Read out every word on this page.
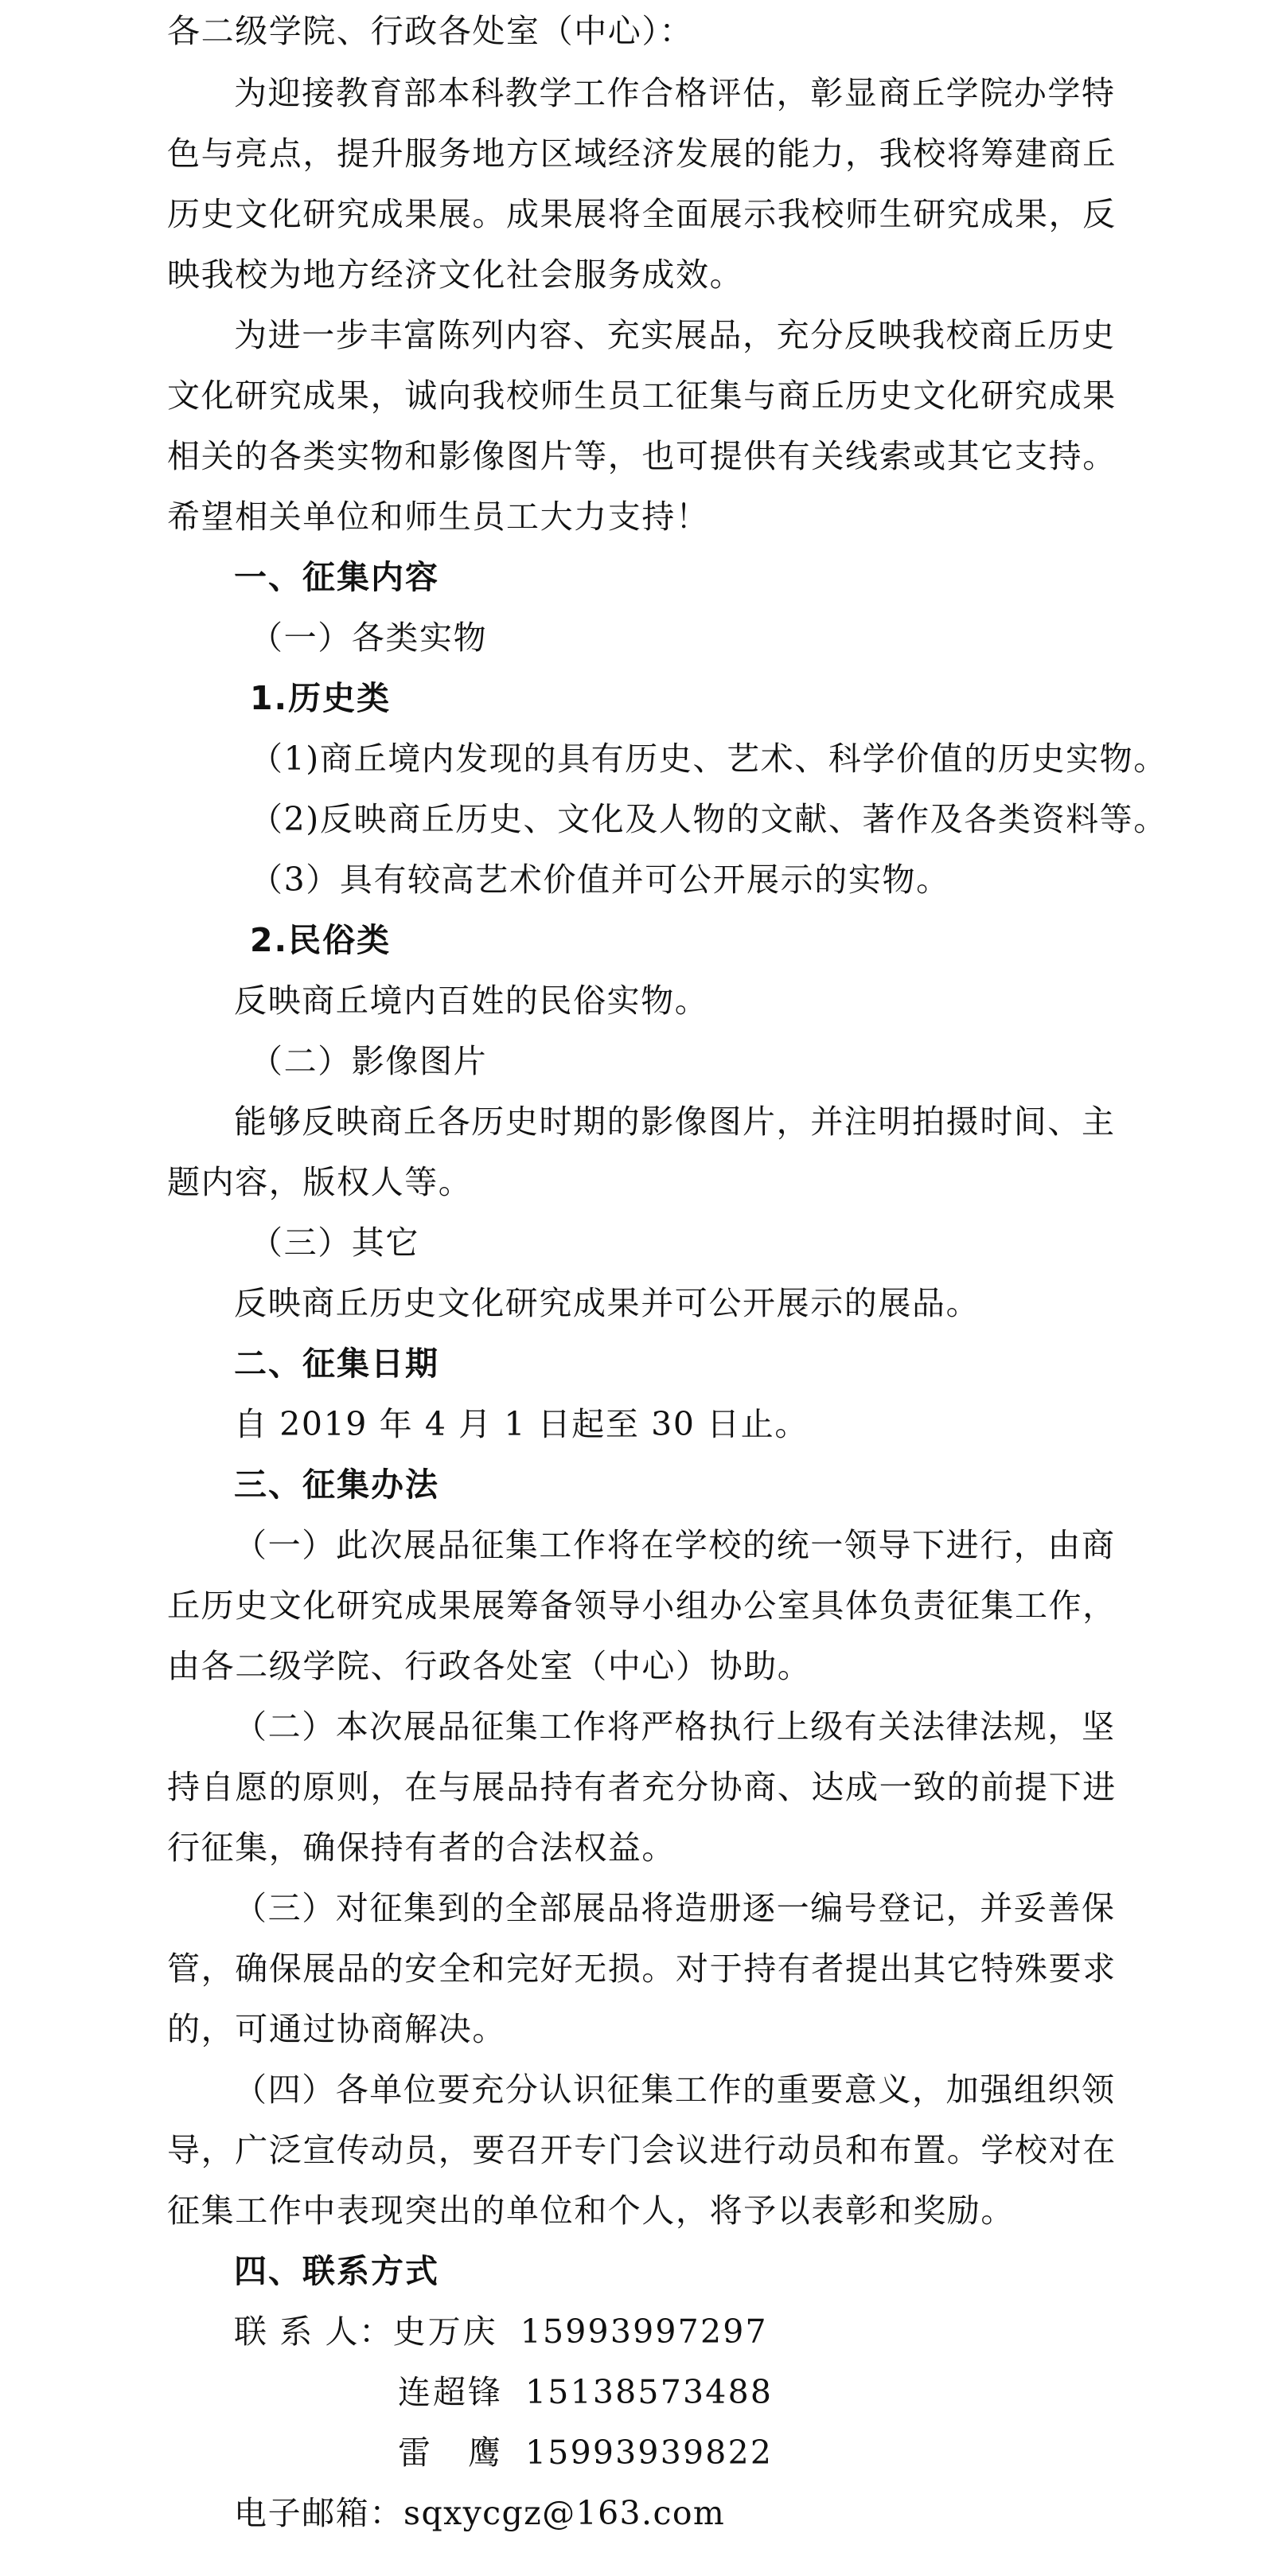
各二级学院、行政各处室（中心）：
为迎接教育部本科教学工作合格评估，彰显商丘学院办学特
色与亮点，提升服务地方区域经济发展的能力，我校将筹建商丘
历史文化研究成果展。成果展将全面展示我校师生研究成果，反
映我校为地方经济文化社会服务成效。
为进一步丰富陈列内容、充实展品，充分反映我校商丘历史
文化研究成果，诚向我校师生员工征集与商丘历史文化研究成果
相关的各类实物和影像图片等，也可提供有关线索或其它支持。
希望相关单位和师生员工大力支持！
一、征集内容
（一）各类实物
1.历史类
（1)商丘境内发现的具有历史、艺术、科学价值的历史实物。
（2)反映商丘历史、文化及人物的文献、著作及各类资料等。
（3）具有较高艺术价值并可公开展示的实物。
2.民俗类
反映商丘境内百姓的民俗实物。
（二）影像图片
能够反映商丘各历史时期的影像图片，并注明拍摄时间、主
题内容，版权人等。
（三）其它
反映商丘历史文化研究成果并可公开展示的展品。
二、征集日期
自 2019 年 4 月 1 日起至 30 日止。
三、征集办法
（一）此次展品征集工作将在学校的统一领导下进行，由商
丘历史文化研究成果展筹备领导小组办公室具体负责征集工作，
由各二级学院、行政各处室（中心）协助。
（二）本次展品征集工作将严格执行上级有关法律法规，坚
持自愿的原则，在与展品持有者充分协商、达成一致的前提下进
行征集，确保持有者的合法权益。
（三）对征集到的全部展品将造册逐一编号登记，并妥善保
管，确保展品的安全和完好无损。对于持有者提出其它特殊要求
的，可通过协商解决。
（四）各单位要充分认识征集工作的重要意义，加强组织领
导，广泛宣传动员，要召开专门会议进行动员和布置。学校对在
征集工作中表现突出的单位和个人，将予以表彰和奖励。
四、联系方式
联 系 人：史万庆 15993997297
连超锋 15138573488
雷　鹰 15993939822
电子邮箱：sqxycgz@163.com
